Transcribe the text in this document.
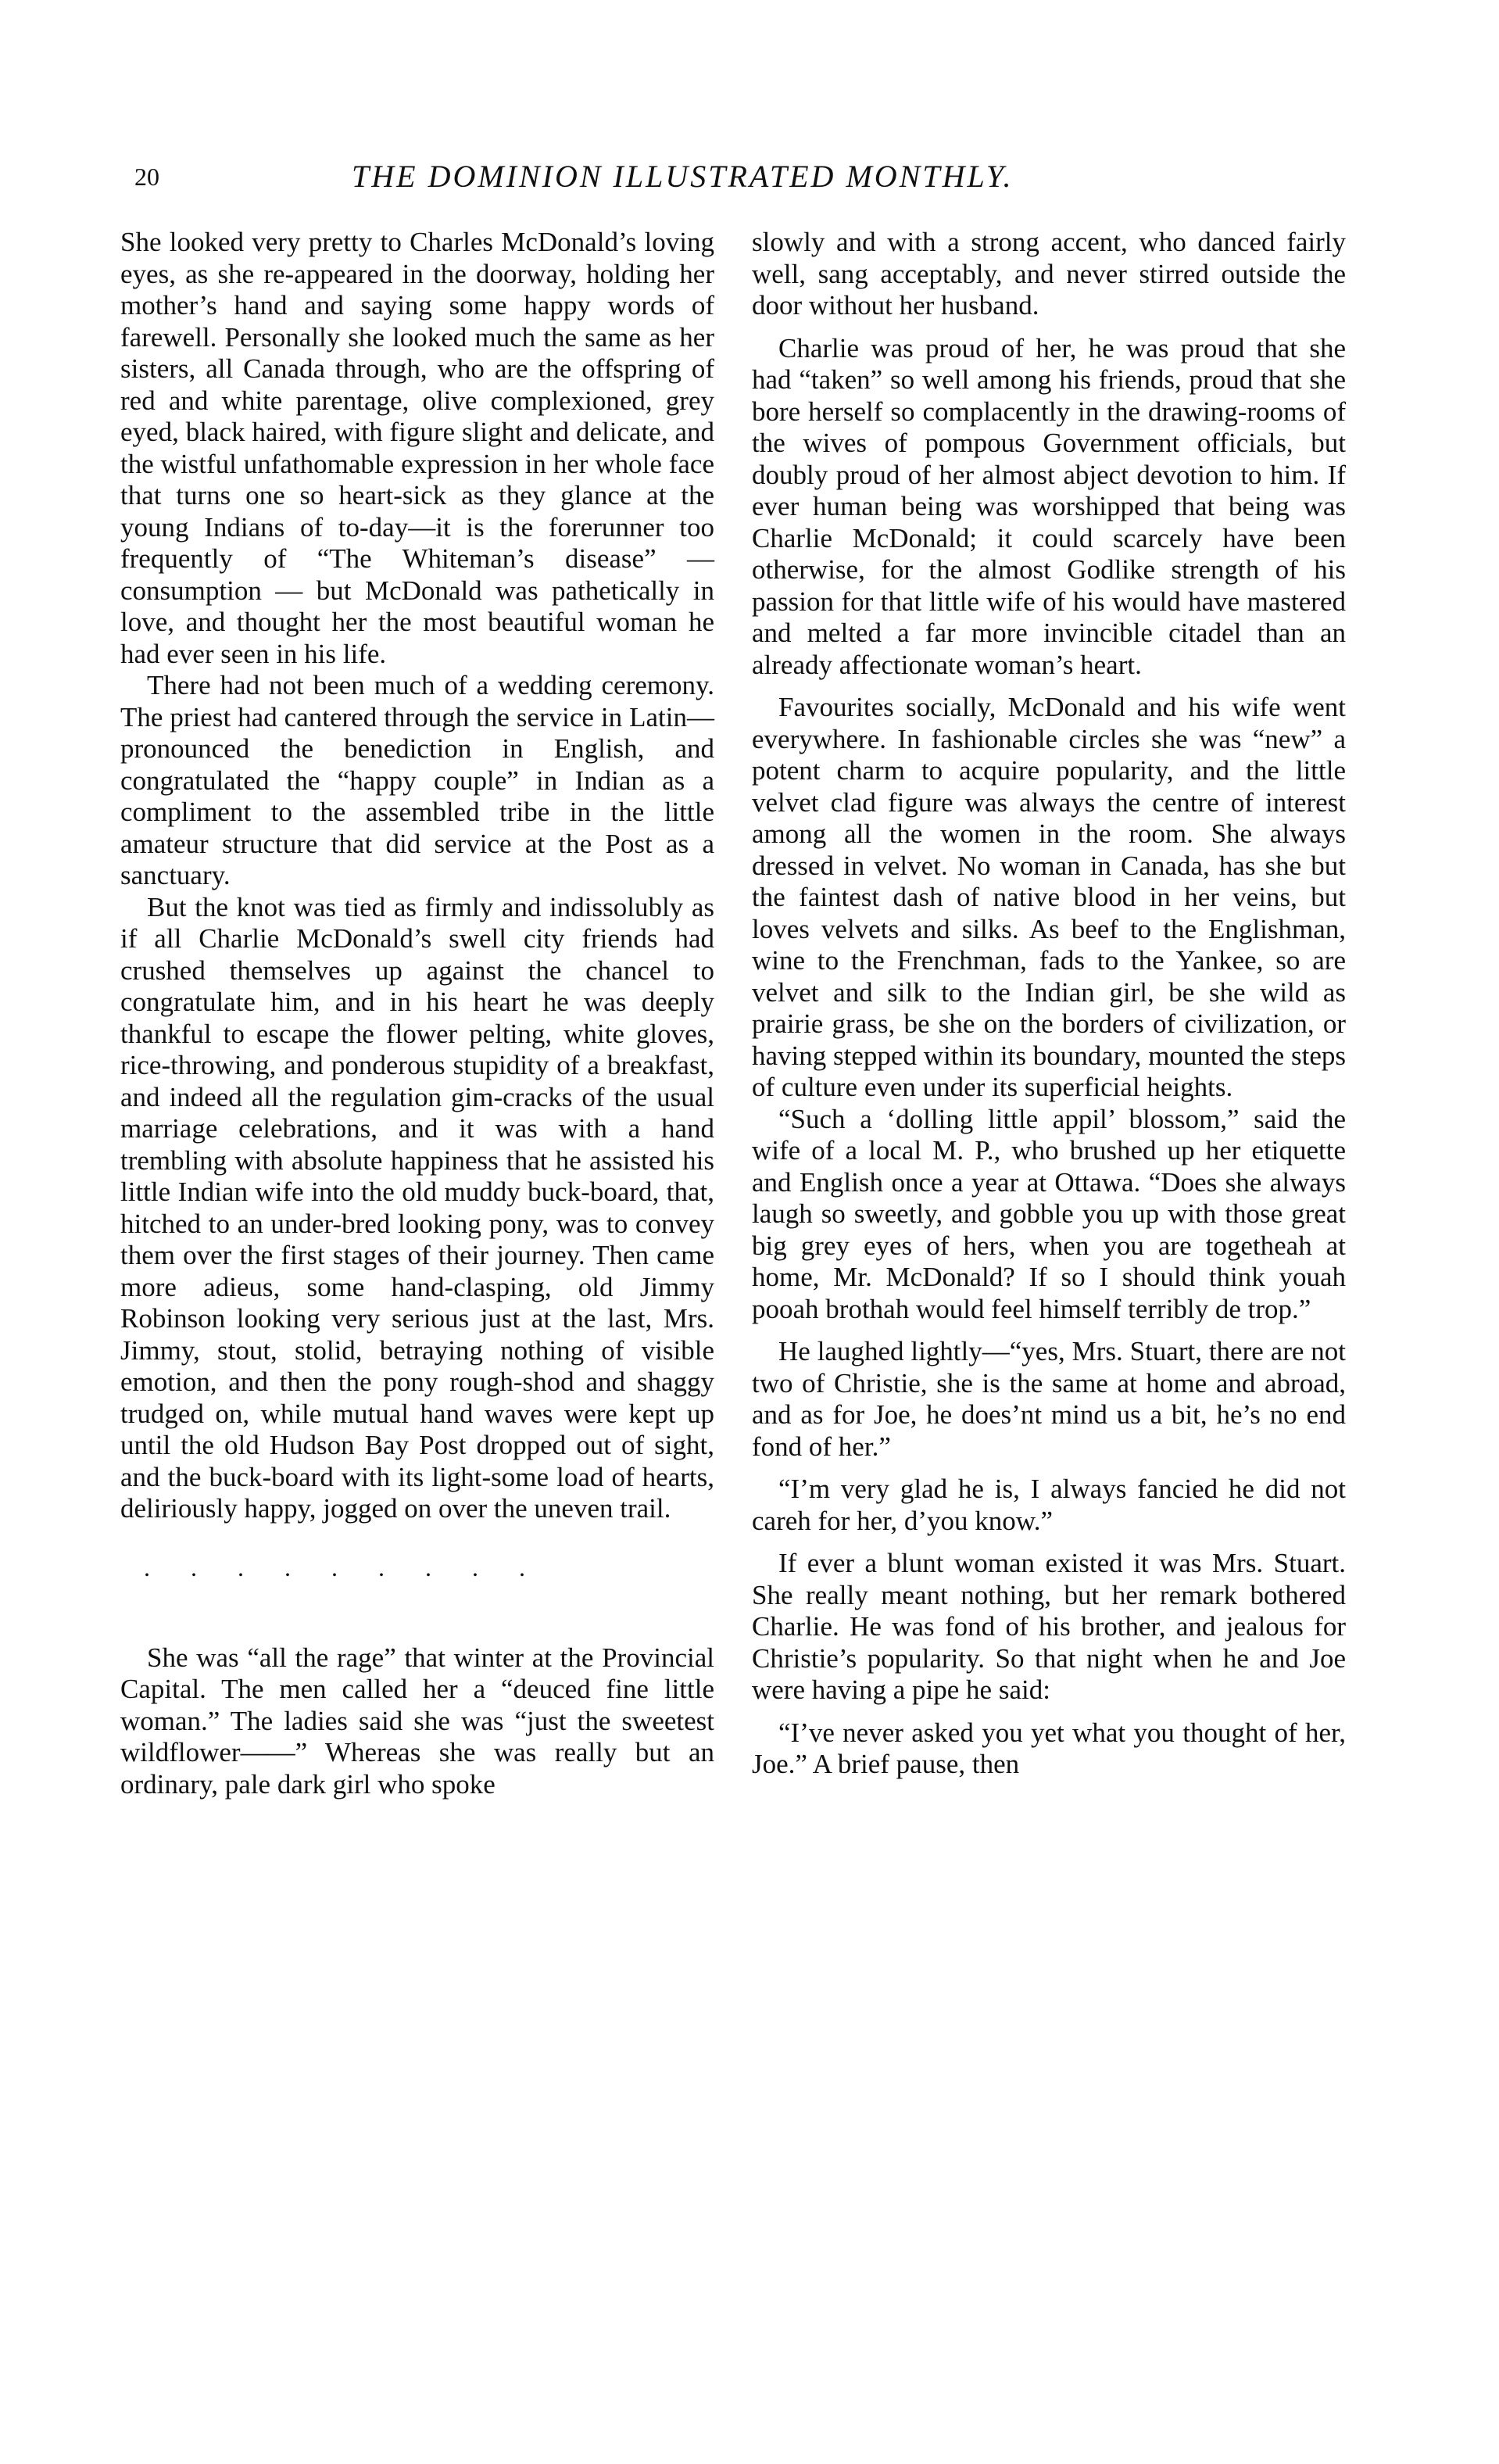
20	THE DOMINION ILLUSTRATED MONTHLY.

She looked very pretty to Charles McDonald’s loving eyes, as she re-appeared in the doorway, holding her mother’s hand and saying some happy words of farewell. Personally she looked much the same as her sisters, all Canada through, who are the offspring of red and white parentage, olive complexioned, grey eyed, black haired, with figure slight and delicate, and the wistful unfathomable expression in her whole face that turns one so heart-sick as they glance at the young Indians of to-day—it is the forerunner too frequently of “The Whiteman’s disease” — consumption — but McDonald was pathetically in love, and thought her the most beautiful woman he had ever seen in his life.

There had not been much of a wedding ceremony. The priest had cantered through the service in Latin—pronounced the benediction in English, and congratulated the “happy couple” in Indian as a compliment to the assembled tribe in the little amateur structure that did service at the Post as a sanctuary.

But the knot was tied as firmly and indissolubly as if all Charlie McDonald’s swell city friends had crushed themselves up against the chancel to congratulate him, and in his heart he was deeply thankful to escape the flower pelting, white gloves, rice-throwing, and ponderous stupidity of a breakfast, and indeed all the regulation gim-cracks of the usual marriage celebrations, and it was with a hand trembling with absolute happiness that he assisted his little Indian wife into the old muddy buck-board, that, hitched to an under-bred looking pony, was to convey them over the first stages of their journey. Then came more adieus, some hand-clasping, old Jimmy Robinson looking very serious just at the last, Mrs. Jimmy, stout, stolid, betraying nothing of visible emotion, and then the pony rough-shod and shaggy trudged on, while mutual hand waves were kept up until the old Hudson Bay Post dropped out of sight, and the buck-board with its light-some load of hearts, deliriously happy, jogged on over the uneven trail.

. . . . . . . . .

She was “all the rage” that winter at the Provincial Capital. The men called her a “deuced fine little woman.” The ladies said she was “just the sweetest wildflower——” Whereas she was really but an ordinary, pale dark girl who spoke

slowly and with a strong accent, who danced fairly well, sang acceptably, and never stirred outside the door without her husband.

Charlie was proud of her, he was proud that she had “taken” so well among his friends, proud that she bore herself so complacently in the drawing-rooms of the wives of pompous Government officials, but doubly proud of her almost abject devotion to him. If ever human being was worshipped that being was Charlie McDonald; it could scarcely have been otherwise, for the almost Godlike strength of his passion for that little wife of his would have mastered and melted a far more invincible citadel than an already affectionate woman’s heart.

Favourites socially, McDonald and his wife went everywhere. In fashionable circles she was “new” a potent charm to acquire popularity, and the little velvet clad figure was always the centre of interest among all the women in the room. She always dressed in velvet. No woman in Canada, has she but the faintest dash of native blood in her veins, but loves velvets and silks. As beef to the Englishman, wine to the Frenchman, fads to the Yankee, so are velvet and silk to the Indian girl, be she wild as prairie grass, be she on the borders of civilization, or having stepped within its boundary, mounted the steps of culture even under its superficial heights.

“Such a ‘dolling little appil’ blossom,” said the wife of a local M. P., who brushed up her etiquette and English once a year at Ottawa. “Does she always laugh so sweetly, and gobble you up with those great big grey eyes of hers, when you are togetheah at home, Mr. McDonald? If so I should think youah pooah brothah would feel himself terribly de trop.”

He laughed lightly—“yes, Mrs. Stuart, there are not two of Christie, she is the same at home and abroad, and as for Joe, he does’nt mind us a bit, he’s no end fond of her.”

“I’m very glad he is, I always fancied he did not careh for her, d’you know.”

If ever a blunt woman existed it was Mrs. Stuart. She really meant nothing, but her remark bothered Charlie. He was fond of his brother, and jealous for Christie’s popularity. So that night when he and Joe were having a pipe he said:

“I’ve never asked you yet what you thought of her, Joe.” A brief pause, then
